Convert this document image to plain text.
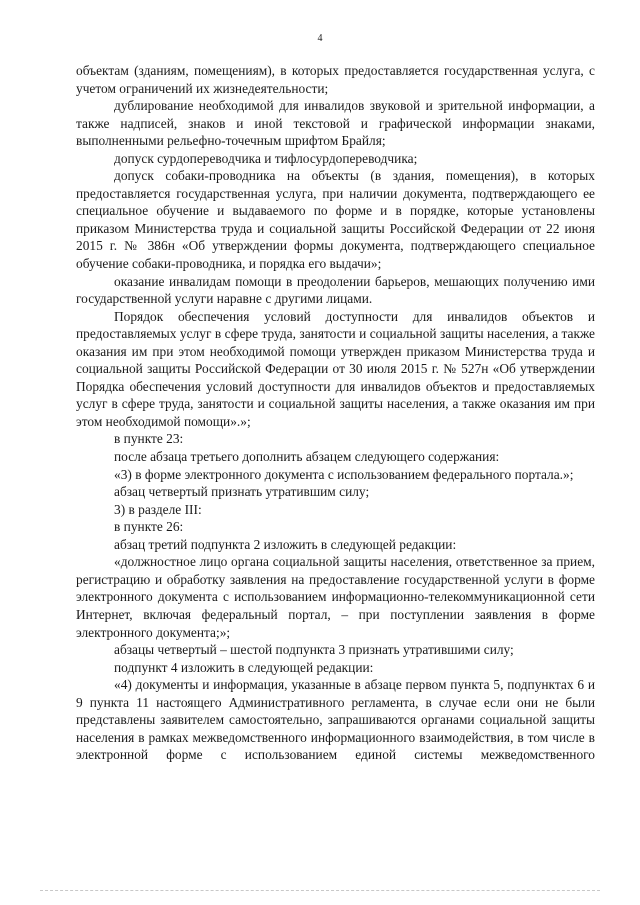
4

объектам (зданиям, помещениям), в которых предоставляется государственная услуга, с учетом ограничений их жизнедеятельности;

дублирование необходимой для инвалидов звуковой и зрительной информации, а также надписей, знаков и иной текстовой и графической информации знаками, выполненными рельефно-точечным шрифтом Брайля;

допуск сурдопереводчика и тифлосурдопереводчика;

допуск собаки-проводника на объекты (в здания, помещения), в которых предоставляется государственная услуга, при наличии документа, подтверждающего ее специальное обучение и выдаваемого по форме и в порядке, которые установлены приказом Министерства труда и социальной защиты Российской Федерации от 22 июня 2015 г. № 386н «Об утверждении формы документа, подтверждающего специальное обучение собаки-проводника, и порядка его выдачи»;

оказание инвалидам помощи в преодолении барьеров, мешающих получению ими государственной услуги наравне с другими лицами.

Порядок обеспечения условий доступности для инвалидов объектов и предоставляемых услуг в сфере труда, занятости и социальной защиты населения, а также оказания им при этом необходимой помощи утвержден приказом Министерства труда и социальной защиты Российской Федерации от 30 июля 2015 г. № 527н «Об утверждении Порядка обеспечения условий доступности для инвалидов объектов и предоставляемых услуг в сфере труда, занятости и социальной защиты населения, а также оказания им при этом необходимой помощи».»;

в пункте 23:

после абзаца третьего дополнить абзацем следующего содержания:

«3) в форме электронного документа с использованием федерального портала.»;

абзац четвертый признать утратившим силу;

3) в разделе III:

в пункте 26:

абзац третий подпункта 2 изложить в следующей редакции:

«должностное лицо органа социальной защиты населения, ответственное за прием, регистрацию и обработку заявления на предоставление государственной услуги в форме электронного документа с использованием информационно-телекоммуникационной сети Интернет, включая федеральный портал, – при поступлении заявления в форме электронного документа;»;

абзацы четвертый – шестой подпункта 3 признать утратившими силу;

подпункт 4 изложить в следующей редакции:

«4) документы и информация, указанные в абзаце первом пункта 5, подпунктах 6 и 9 пункта 11 настоящего Административного регламента, в случае если они не были представлены заявителем самостоятельно, запрашиваются органами социальной защиты населения в рамках межведомственного информационного взаимодействия, в том числе в электронной форме с использованием единой системы межведомственного
